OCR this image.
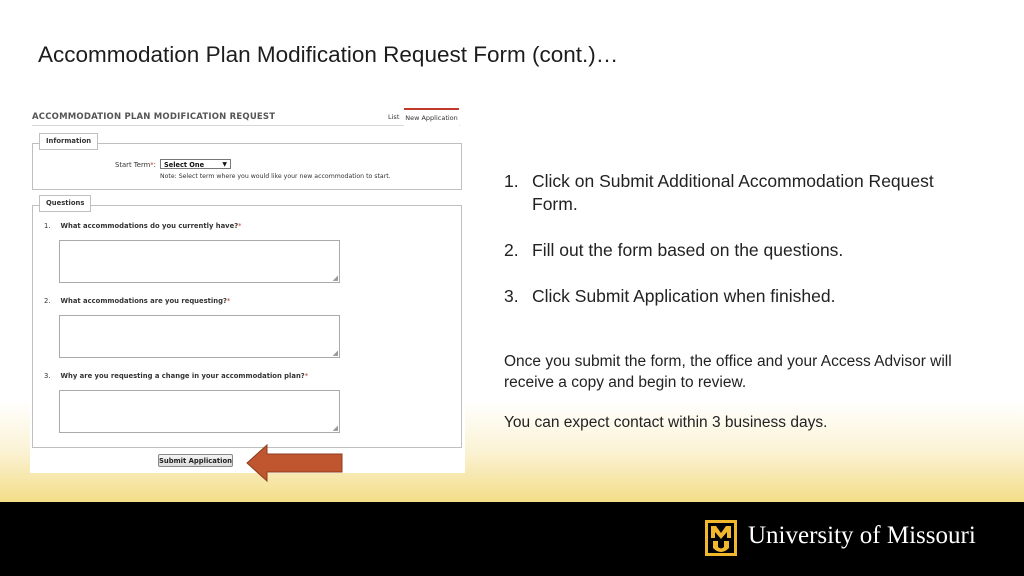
Accommodation Plan Modification Request Form (cont.)…
ACCOMMODATION PLAN MODIFICATION REQUEST	List New Application
Information
Start Term*:	Select One	▼
Note: Select term where you would like your new accommodation to start.
Questions
1. What accommodations do you currently have?*
◢
2. What accommodations are you requesting?*
◢
3. Why are you requesting a change in your accommodation plan?*
◢
Submit Application
1. Click on Submit Additional Accommodation Request Form.
2. Fill out the form based on the questions.
3. Click Submit Application when finished.
Once you submit the form, the office and your Access Advisor will receive a copy and begin to review.
You can expect contact within 3 business days.
University of Missouri
